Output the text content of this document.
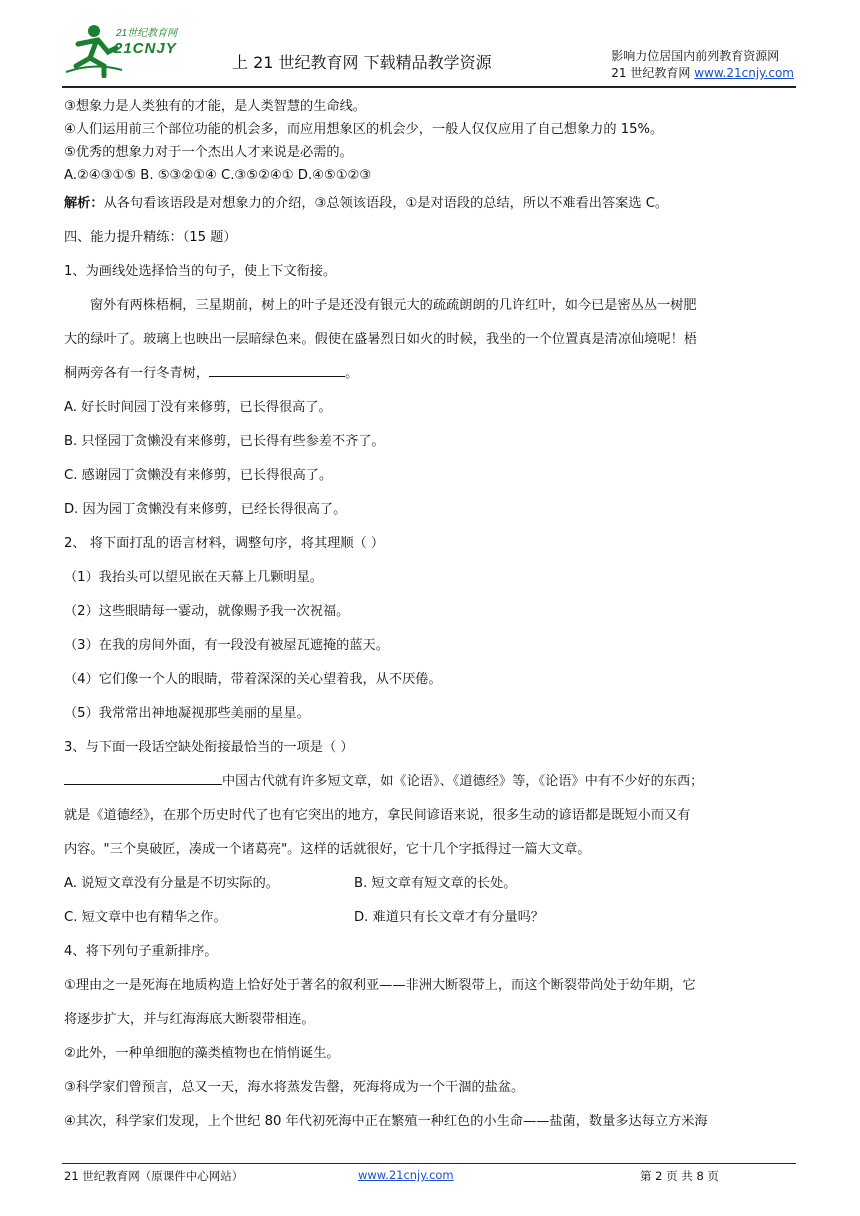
21世纪教育网
21CNJY
上 21 世纪教育网 下载精品教学资源	影响力位居国内前列教育资源网
21 世纪教育网 www.21cnjy.com
③想象力是人类独有的才能，是人类智慧的生命线。
④人们运用前三个部位功能的机会多，而应用想象区的机会少，一般人仅仅应用了自己想象力的 15%。
⑤优秀的想象力对于一个杰出人才来说是必需的。
A.②④③①⑤ B. ⑤③②①④ C.③⑤②④① D.④⑤①②③
解析：从各句看该语段是对想象力的介绍，③总领该语段，①是对语段的总结，所以不难看出答案选 C。
四、能力提升精练：（15 题）
1、为画线处选择恰当的句子，使上下文衔接。
窗外有两株梧桐，三星期前，树上的叶子是还没有银元大的疏疏朗朗的几许红叶，如今已是密丛丛一树肥
大的绿叶了。玻璃上也映出一层暗绿色来。假使在盛暑烈日如火的时候，我坐的一个位置真是清凉仙境呢！梧
桐两旁各有一行冬青树，	。
A. 好长时间园丁没有来修剪，已长得很高了。
B. 只怪园丁贪懒没有来修剪，已长得有些参差不齐了。
C. 感谢园丁贪懒没有来修剪，已长得很高了。
D. 因为园丁贪懒没有来修剪，已经长得很高了。
2、 将下面打乱的语言材料，调整句序，将其理顺（ ）
（1）我抬头可以望见嵌在天幕上几颗明星。
（2）这些眼睛每一霎动，就像赐予我一次祝福。
（3）在我的房间外面，有一段没有被屋瓦遮掩的蓝天。
（4）它们像一个人的眼睛，带着深深的关心望着我，从不厌倦。
（5）我常常出神地凝视那些美丽的星星。
3、与下面一段话空缺处衔接最恰当的一项是（ ）
中国古代就有许多短文章，如《论语》、《道德经》等，《论语》中有不少好的东西；
就是《道德经》，在那个历史时代了也有它突出的地方，拿民间谚语来说，很多生动的谚语都是既短小而又有
内容。"三个臭破匠，凑成一个诸葛亮"。这样的话就很好，它十几个字抵得过一篇大文章。
A. 说短文章没有分量是不切实际的。	B. 短文章有短文章的长处。
C. 短文章中也有精华之作。	D. 难道只有长文章才有分量吗？
4、将下列句子重新排序。
①理由之一是死海在地质构造上恰好处于著名的叙利亚——非洲大断裂带上，而这个断裂带尚处于幼年期，它
将逐步扩大，并与红海海底大断裂带相连。
②此外，一种单细胞的藻类植物也在悄悄诞生。
③科学家们曾预言，总又一天，海水将蒸发告罄，死海将成为一个干涸的盐盆。
④其次，科学家们发现，上个世纪 80 年代初死海中正在繁殖一种红色的小生命——盐菌，数量多达每立方米海
21 世纪教育网（原课件中心网站）	www.21cnjy.com	第 2 页 共 8 页
